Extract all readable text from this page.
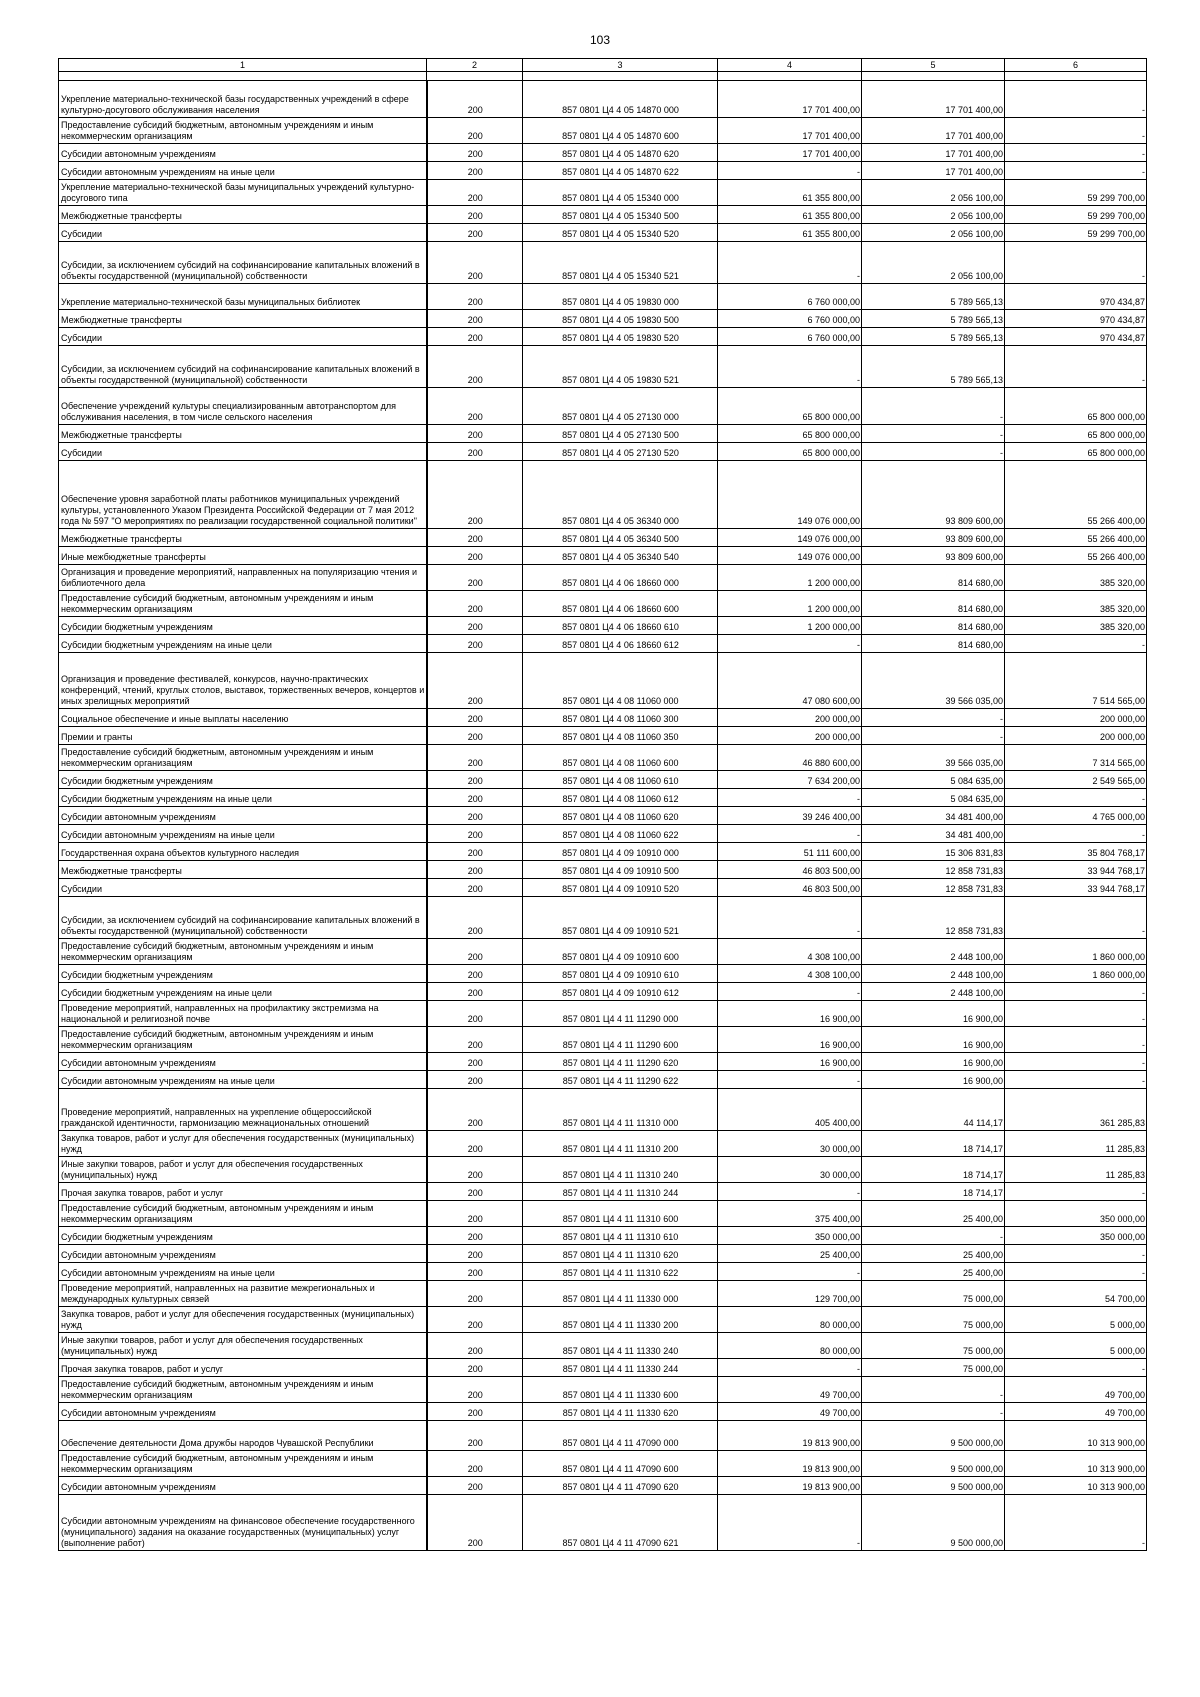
103
1	2	3	4	5	6

Укрепление материально-технической базы государственных учреждений в сфере культурно-досугового обслуживания населения	200	857 0801 Ц4 4 05 14870 000	17 701 400,00	17 701 400,00	-
Предоставление субсидий бюджетным, автономным учреждениям и иным некоммерческим организациям	200	857 0801 Ц4 4 05 14870 600	17 701 400,00	17 701 400,00	-
Субсидии автономным учреждениям	200	857 0801 Ц4 4 05 14870 620	17 701 400,00	17 701 400,00	-
Субсидии автономным учреждениям на иные цели	200	857 0801 Ц4 4 05 14870 622	-	17 701 400,00	-
Укрепление материально-технической базы муниципальных учреждений культурно-досугового типа	200	857 0801 Ц4 4 05 15340 000	61 355 800,00	2 056 100,00	59 299 700,00
Межбюджетные трансферты	200	857 0801 Ц4 4 05 15340 500	61 355 800,00	2 056 100,00	59 299 700,00
Субсидии	200	857 0801 Ц4 4 05 15340 520	61 355 800,00	2 056 100,00	59 299 700,00
Субсидии, за исключением субсидий на софинансирование капитальных вложений в объекты государственной (муниципальной) собственности	200	857 0801 Ц4 4 05 15340 521	-	2 056 100,00	-
Укрепление материально-технической базы муниципальных библиотек	200	857 0801 Ц4 4 05 19830 000	6 760 000,00	5 789 565,13	970 434,87
Межбюджетные трансферты	200	857 0801 Ц4 4 05 19830 500	6 760 000,00	5 789 565,13	970 434,87
Субсидии	200	857 0801 Ц4 4 05 19830 520	6 760 000,00	5 789 565,13	970 434,87
Субсидии, за исключением субсидий на софинансирование капитальных вложений в объекты государственной (муниципальной) собственности	200	857 0801 Ц4 4 05 19830 521	-	5 789 565,13	-
Обеспечение учреждений культуры специализированным автотранспортом для обслуживания населения, в том числе сельского населения	200	857 0801 Ц4 4 05 27130 000	65 800 000,00	-	65 800 000,00
Межбюджетные трансферты	200	857 0801 Ц4 4 05 27130 500	65 800 000,00	-	65 800 000,00
Субсидии	200	857 0801 Ц4 4 05 27130 520	65 800 000,00	-	65 800 000,00
Обеспечение уровня заработной платы работников муниципальных учреждений культуры, установленного Указом Президента Российской Федерации от 7 мая 2012 года № 597 "О мероприятиях по реализации государственной социальной политики"	200	857 0801 Ц4 4 05 36340 000	149 076 000,00	93 809 600,00	55 266 400,00
Межбюджетные трансферты	200	857 0801 Ц4 4 05 36340 500	149 076 000,00	93 809 600,00	55 266 400,00
Иные межбюджетные трансферты	200	857 0801 Ц4 4 05 36340 540	149 076 000,00	93 809 600,00	55 266 400,00
Организация и проведение мероприятий, направленных на популяризацию чтения и библиотечного дела	200	857 0801 Ц4 4 06 18660 000	1 200 000,00	814 680,00	385 320,00
Предоставление субсидий бюджетным, автономным учреждениям и иным некоммерческим организациям	200	857 0801 Ц4 4 06 18660 600	1 200 000,00	814 680,00	385 320,00
Субсидии бюджетным учреждениям	200	857 0801 Ц4 4 06 18660 610	1 200 000,00	814 680,00	385 320,00
Субсидии бюджетным учреждениям на иные цели	200	857 0801 Ц4 4 06 18660 612	-	814 680,00	-
Организация и проведение фестивалей, конкурсов, научно-практических конференций, чтений, круглых столов, выставок, торжественных вечеров, концертов и иных зрелищных мероприятий	200	857 0801 Ц4 4 08 11060 000	47 080 600,00	39 566 035,00	7 514 565,00
Социальное обеспечение и иные выплаты населению	200	857 0801 Ц4 4 08 11060 300	200 000,00	-	200 000,00
Премии и гранты	200	857 0801 Ц4 4 08 11060 350	200 000,00	-	200 000,00
Предоставление субсидий бюджетным, автономным учреждениям и иным некоммерческим организациям	200	857 0801 Ц4 4 08 11060 600	46 880 600,00	39 566 035,00	7 314 565,00
Субсидии бюджетным учреждениям	200	857 0801 Ц4 4 08 11060 610	7 634 200,00	5 084 635,00	2 549 565,00
Субсидии бюджетным учреждениям на иные цели	200	857 0801 Ц4 4 08 11060 612	-	5 084 635,00	-
Субсидии автономным учреждениям	200	857 0801 Ц4 4 08 11060 620	39 246 400,00	34 481 400,00	4 765 000,00
Субсидии автономным учреждениям на иные цели	200	857 0801 Ц4 4 08 11060 622	-	34 481 400,00	-
Государственная охрана объектов культурного наследия	200	857 0801 Ц4 4 09 10910 000	51 111 600,00	15 306 831,83	35 804 768,17
Межбюджетные трансферты	200	857 0801 Ц4 4 09 10910 500	46 803 500,00	12 858 731,83	33 944 768,17
Субсидии	200	857 0801 Ц4 4 09 10910 520	46 803 500,00	12 858 731,83	33 944 768,17
Субсидии, за исключением субсидий на софинансирование капитальных вложений в объекты государственной (муниципальной) собственности	200	857 0801 Ц4 4 09 10910 521	-	12 858 731,83	-
Предоставление субсидий бюджетным, автономным учреждениям и иным некоммерческим организациям	200	857 0801 Ц4 4 09 10910 600	4 308 100,00	2 448 100,00	1 860 000,00
Субсидии бюджетным учреждениям	200	857 0801 Ц4 4 09 10910 610	4 308 100,00	2 448 100,00	1 860 000,00
Субсидии бюджетным учреждениям на иные цели	200	857 0801 Ц4 4 09 10910 612	-	2 448 100,00	-
Проведение мероприятий, направленных на профилактику экстремизма на национальной и религиозной почве	200	857 0801 Ц4 4 11 11290 000	16 900,00	16 900,00	-
Предоставление субсидий бюджетным, автономным учреждениям и иным некоммерческим организациям	200	857 0801 Ц4 4 11 11290 600	16 900,00	16 900,00	-
Субсидии автономным учреждениям	200	857 0801 Ц4 4 11 11290 620	16 900,00	16 900,00	-
Субсидии автономным учреждениям на иные цели	200	857 0801 Ц4 4 11 11290 622	-	16 900,00	-
Проведение мероприятий, направленных на укрепление общероссийской гражданской идентичности, гармонизацию межнациональных отношений	200	857 0801 Ц4 4 11 11310 000	405 400,00	44 114,17	361 285,83
Закупка товаров, работ и услуг для обеспечения государственных (муниципальных) нужд	200	857 0801 Ц4 4 11 11310 200	30 000,00	18 714,17	11 285,83
Иные закупки товаров, работ и услуг для обеспечения государственных (муниципальных) нужд	200	857 0801 Ц4 4 11 11310 240	30 000,00	18 714,17	11 285,83
Прочая закупка товаров, работ и услуг	200	857 0801 Ц4 4 11 11310 244	-	18 714,17	-
Предоставление субсидий бюджетным, автономным учреждениям и иным некоммерческим организациям	200	857 0801 Ц4 4 11 11310 600	375 400,00	25 400,00	350 000,00
Субсидии бюджетным учреждениям	200	857 0801 Ц4 4 11 11310 610	350 000,00	-	350 000,00
Субсидии автономным учреждениям	200	857 0801 Ц4 4 11 11310 620	25 400,00	25 400,00	-
Субсидии автономным учреждениям на иные цели	200	857 0801 Ц4 4 11 11310 622	-	25 400,00	-
Проведение мероприятий, направленных на развитие межрегиональных и международных культурных связей	200	857 0801 Ц4 4 11 11330 000	129 700,00	75 000,00	54 700,00
Закупка товаров, работ и услуг для обеспечения государственных (муниципальных) нужд	200	857 0801 Ц4 4 11 11330 200	80 000,00	75 000,00	5 000,00
Иные закупки товаров, работ и услуг для обеспечения государственных (муниципальных) нужд	200	857 0801 Ц4 4 11 11330 240	80 000,00	75 000,00	5 000,00
Прочая закупка товаров, работ и услуг	200	857 0801 Ц4 4 11 11330 244	-	75 000,00	-
Предоставление субсидий бюджетным, автономным учреждениям и иным некоммерческим организациям	200	857 0801 Ц4 4 11 11330 600	49 700,00	-	49 700,00
Субсидии автономным учреждениям	200	857 0801 Ц4 4 11 11330 620	49 700,00	-	49 700,00
Обеспечение деятельности Дома дружбы народов Чувашской Республики	200	857 0801 Ц4 4 11 47090 000	19 813 900,00	9 500 000,00	10 313 900,00
Предоставление субсидий бюджетным, автономным учреждениям и иным некоммерческим организациям	200	857 0801 Ц4 4 11 47090 600	19 813 900,00	9 500 000,00	10 313 900,00
Субсидии автономным учреждениям	200	857 0801 Ц4 4 11 47090 620	19 813 900,00	9 500 000,00	10 313 900,00
Субсидии автономным учреждениям на финансовое обеспечение государственного (муниципального) задания на оказание государственных (муниципальных) услуг (выполнение работ)	200	857 0801 Ц4 4 11 47090 621	-	9 500 000,00	-
